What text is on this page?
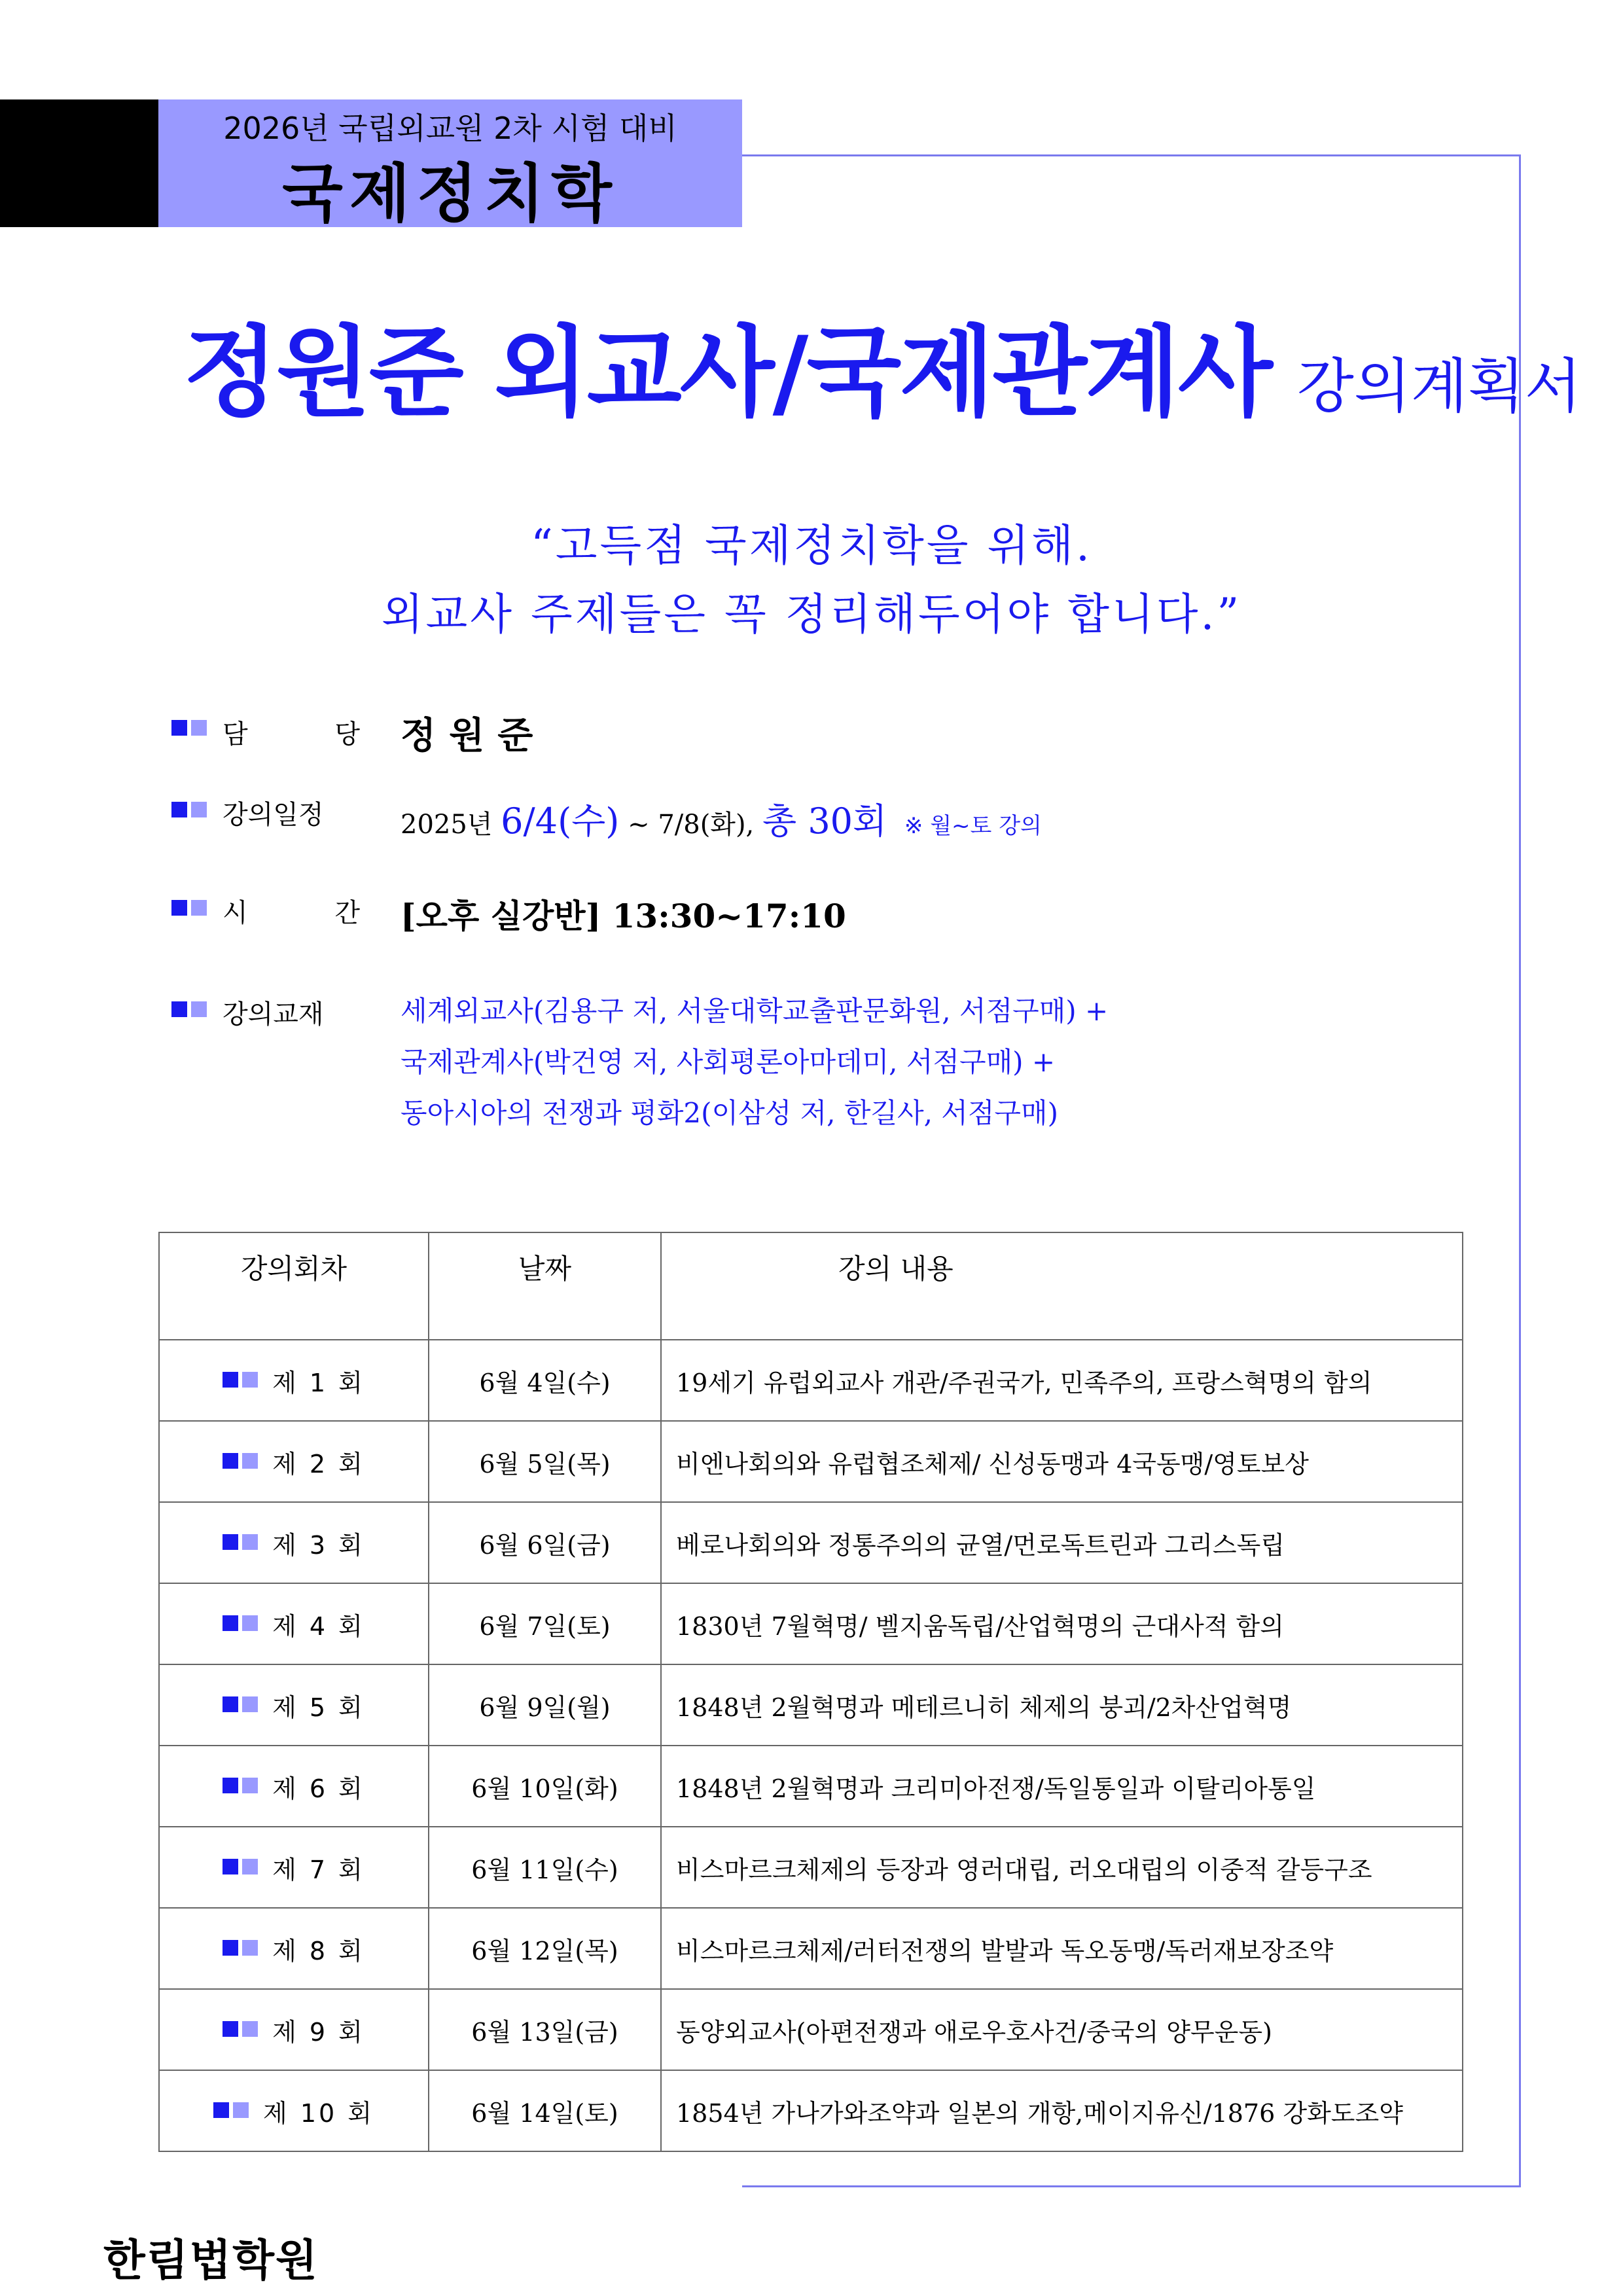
2026년 국립외교원 2차 시험 대비
국제정치학
정원준 외교사/국제관계사 강의계획서
“고득점 국제정치학을 위해.
외교사 주제들은 꼭 정리해두어야 합니다.”
담 당 정원준
강의일정	2025년 6/4(수) ~ 7/8(화), 총 30회 ※ 월~토 강의
시 간 [오후 실강반] 13:30~17:10
강의교재	세계외교사(김용구 저, 서울대학교출판문화원, 서점구매) +
국제관계사(박건영 저, 사회평론아마데미, 서점구매) +
동아시아의 전쟁과 평화2(이삼성 저, 한길사, 서점구매)
강의회차	날짜	강의 내용

제 1 회	6월 4일(수)	19세기 유럽외교사 개관/주권국가, 민족주의, 프랑스혁명의 함의

제 2 회	6월 5일(목)	비엔나회의와 유럽협조체제/ 신성동맹과 4국동맹/영토보상

제 3 회	6월 6일(금)	베로나회의와 정통주의의 균열/먼로독트린과 그리스독립

제 4 회	6월 7일(토)	1830년 7월혁명/ 벨지움독립/산업혁명의 근대사적 함의

제 5 회	6월 9일(월)	1848년 2월혁명과 메테르니히 체제의 붕괴/2차산업혁명

제 6 회	6월 10일(화)	1848년 2월혁명과 크리미아전쟁/독일통일과 이탈리아통일

제 7 회	6월 11일(수)	비스마르크체제의 등장과 영러대립, 러오대립의 이중적 갈등구조

제 8 회	6월 12일(목)	비스마르크체제/러터전쟁의 발발과 독오동맹/독러재보장조약

제 9 회	6월 13일(금)	동양외교사(아편전쟁과 애로우호사건/중국의 양무운동)

제 10 회	6월 14일(토)	1854년 가나가와조약과 일본의 개항,메이지유신/1876 강화도조약
한림법학원
